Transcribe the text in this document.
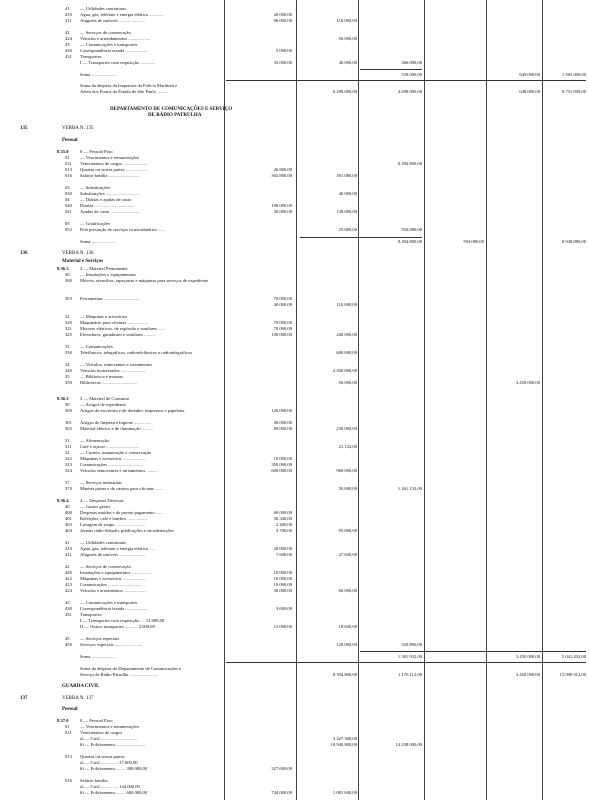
41 — Utilidades contratuais
410 Agua, gás, telefone e energia elétrica .............	20.000,00
411 Aluguéis de imóveis .......................	96.000,00	116.000,00
42 — Serviços de conservação
424 Veículos e arrendamentos ...................	50.000,00
43 — Comunicações e transportes
430 Correspondência taxada ....................	5.000,00
431 Transportes
I — Transportes com requisição .............	35.000,00	40.000,00	366.000,00
Soma .....................	539.000,00	649.000,00	1.565.000,00
Soma da despesa da Inspetoria da Polícia Marítima e
Aérea dos Portos do Estado de São Paulo ..........	6.298.000,00	4.698.000,00	648.000,00	9.731.000,00
DEPARTAMENTO DE COMUNICAÇÕES E SERVIÇO
DE RÁDIO PATRULHA
135	VERBA N. 135
Pessoal
8.35.0	0 — Pessoal Fixo
01 — Vencimentos e remunerações
011 Vencimentos de cargos .....................	8.394.800,00
013 Quartas ou sextas partes ...................	26.800,00
016 Salário-família ...........................	363.880,00	391.080,00
03 — Substituições
030 Substituições .............................	40.000,00
04 — Diárias e ajudas de custo
040 Diárias ...................................	108.000,00
041 Ajudas de custo ...........................	30.000,00	138.000,00
05 — Gratificações
052 Pela prestação de serviços extraordinários ......	25.000,00	594.080,00
Soma .....................	8.394.800,00	594.080,00	8.948.880,00
136	VERBA N. 136
Material e Serviços
8.36.3	3 — Material Permanente
30 — Instalações e equipamentos
300 Móveis, utensílios, tapeçarias e máquinas para serviços de expediente
303 Ferramentas ...............................	70.000,00
40.000,00	110.000,00
32 — Máquinas e acessórios
320 Maquinário para oficinas ..................	70.000,00
321 Motores elétricos, de explosão e similares ......	70.000,00
325 Elevadores, guindastes e similares ..........	100.000,00	240.000,00
33 — Comunicações
330 Telefônicos, telegráficos, radiotelefônicos e radiotelegráficos	600.000,00
34 — Veículos, semoventes e arreamentos
340 Veículos motorizados ......................	2.500.000,00
35 — Biblioteca e museus
350 Bibliotecas ...............................	50.000,00	3.450.000,00
8.36.3	3 — Material de Consumo
30 — Artigos de expediente
300 Artigos de escritório e de desenho, impressos e papelaria	120.000,00
301 Artigos de limpeza e higiene ...............	30.000,00
302 Material elétrico e de iluminação ..........	80.000,00	230.000,00
31 — Alimentação
311 Café e açúcar .............................	21.132,00
32 — Custeio, manutenção e conservação
322 Máquinas e acessórios .....................	10.000,00
323 Comunicações ..............................	350.000,00
324 Veículos semoventes e arreamentos ..........	600.000,00	960.000,00
37 — Serviços industriais
370 Matéria prima e de custeio para oficinas ......	50.000,00	1.261.132,00
8.36.4	4 — Despesas Diversas
40 — Gastos gerais
400 Despesas miúdas e de pronto pagamento ......	60.000,00
401 Refeições, café e lanches ..................	30.340,00
403 Lavagem de roupa ..........................	2.200,00
404 Jornais rádio-difusão, publicações e encadernações	3.700,00	95.000,00
41 — Utilidades contratuais
410 Agua, gás, telefone e energia elétrica .....	20.000,00
411 Aluguéis de imóveis .......................	7.600,00	27.600,00
42 — Serviços de conservação
420 Instalações e equipamentos .................	10.000,00
422 Máquinas e acessórios .....................	10.000,00
423 Comunicações ..............................	10.000,00
424 Veículos e arreamentos ....................	30.000,00	60.000,00
43 — Comunicações e transportes
430 Correspondência taxada ....................	3.600,00
431 Transportes
I — Transportes com requisição .... 13.000,00
II — Outros transportes ........... 2.000,00	15.000,00	18.600,00
45 — Serviços especiais
450 Serviços especiais ........................	120.000,00	320.800,00
Soma .....................	1.581.932,00	3.450.000,00	5.041.432,00
Soma da despesa do Departamento de Comunicações e
Serviço de Rádio Patrulha .........................	8.394.800,00	1.176.112,00	3.450.000,00	13.990.912,00
GUARDA CIVIL
137	VERBA N. 137
Pessoal
8.37.0	0 — Pessoal Fixo
01 — Vencimentos e remunerações
011 Vencimentos de cargos
a) — Civil ................................	3.427.300,00
b) — Policiamento ..........................	10.940.800,00	14.338.000,00
013 Quartas ou sextas partes
a) — Civil ............... 37.600,00
b) — Policiamento ........ 390.000,00	327.600,00
016 Salário-família
a) — Civil ............... 144.000,00
b) — Policiamento ........ 600.000,00	744.000,00	1.081.600,00
